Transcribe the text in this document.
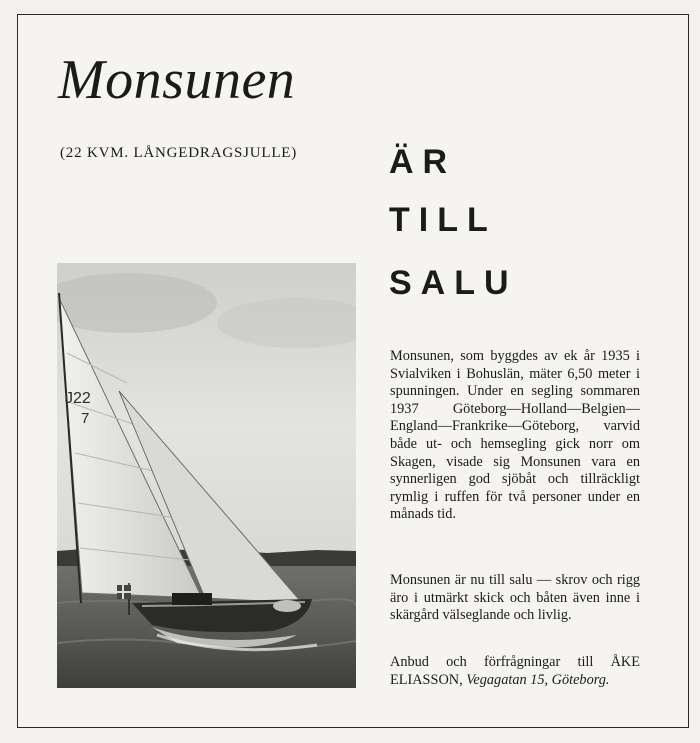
Monsunen

(22 KVM. LÅNGEDRAGSJULLE)	ÄR
TILL
SALU
J22
7

Monsunen, som byggdes av ek år 1935 i Svialviken i Bohuslän, mäter 6,50 meter i spunningen. Under en segling sommaren 1937 Göteborg—Holland—Belgien—England—Frankrike—Göteborg, varvid både ut- och hemsegling gick norr om Skagen, visade sig Monsunen vara en synnerligen god sjöbåt och tillräckligt rymlig i ruffen för två personer under en månads tid.

Monsunen är nu till salu — skrov och rigg äro i utmärkt skick och båten även inne i skärgård välseglande och livlig.

Anbud och förfrågningar till ÅKE ELIASSON, Vegagatan 15, Göteborg.
